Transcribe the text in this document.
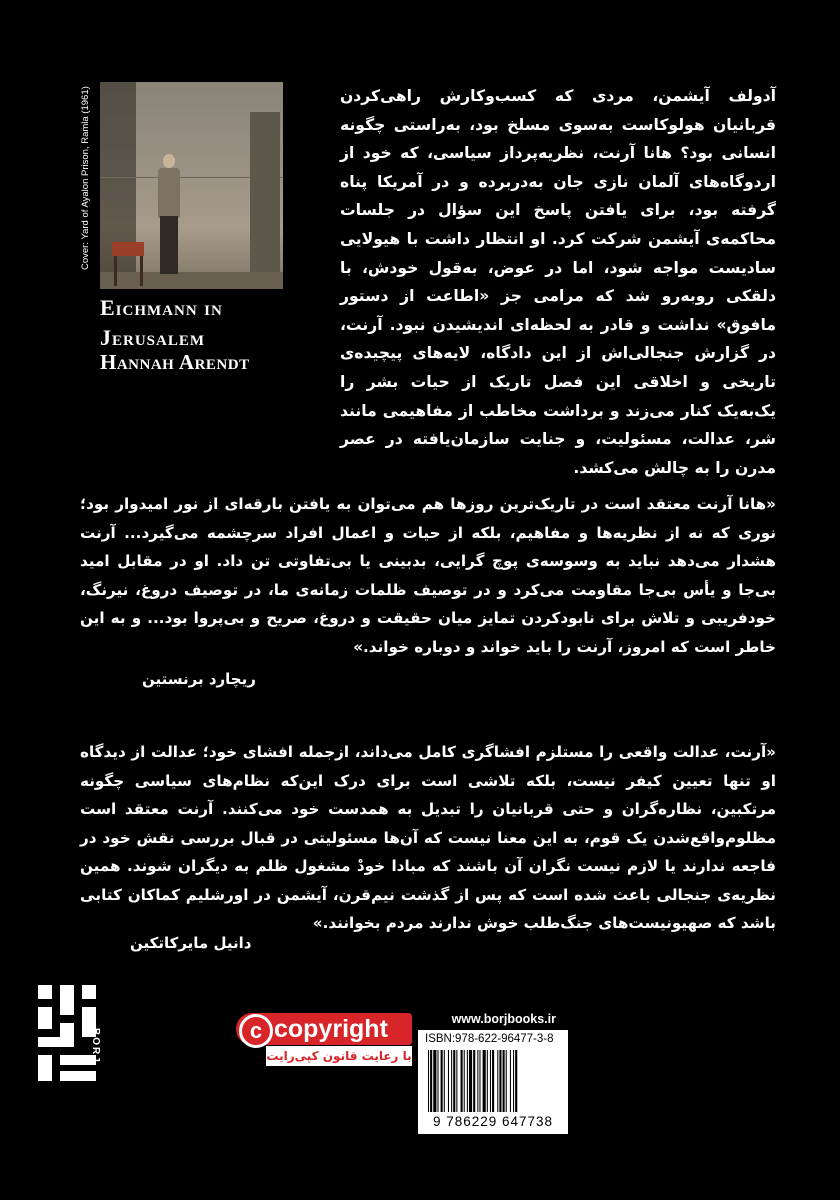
Cover: Yard of Ayalon Prison, Ramla (1961)
Eichmann in
Jerusalem
Hannah Arendt
آدولف آیشمن، مردی که کسب‌وکارش راهی‌کردن قربانیان هولوکاست به‌سوی مسلخ بود، به‌راستی چگونه انسانی بود؟ هانا آرنت، نظریه‌پرداز سیاسی، که خود از اردوگاه‌های آلمان نازی جان به‌دربرده و در آمریکا پناه گرفته بود، برای یافتن پاسخ این سؤال در جلسات محاکمه‌ی آیشمن شرکت کرد. او انتظار داشت با هیولایی سادیست مواجه شود، اما در عوض، به‌قول خودش، با دلقکی روبه‌رو شد که مرامی جز «اطاعت از دستور مافوق» نداشت و قادر به لحظه‌ای اندیشیدن نبود. آرنت، در گزارش جنجالی‌اش از این دادگاه، لایه‌های پیچیده‌ی تاریخی و اخلاقی این فصل تاریک از حیات بشر را یک‌به‌یک کنار می‌زند و برداشت مخاطب از مفاهیمی مانند شر، عدالت، مسئولیت، و جنایت سازمان‌یافته در عصر مدرن را به چالش می‌کشد.
«هانا آرنت معتقد است در تاریک‌ترین روزها هم می‌توان به یافتن بارقه‌ای از نور امیدوار بود؛ نوری که نه از نظریه‌ها و مفاهیم، بلکه از حیات و اعمال افراد سرچشمه می‌گیرد... آرنت هشدار می‌دهد نباید به وسوسه‌ی پوچ گرایی، بدبینی یا بی‌تفاوتی تن داد. او در مقابل امید بی‌جا و یأس بی‌جا مقاومت می‌کرد و در توصیف ظلمات زمانه‌ی ما، در توصیف دروغ، نیرنگ، خودفریبی و تلاش برای نابودکردن تمایز میان حقیقت و دروغ، صریح و بی‌پروا بود... و به این خاطر است که امروز، آرنت را باید خواند و دوباره خواند.»
ریچارد برنستین
«آرنت، عدالت واقعی را مستلزم افشاگری کامل می‌داند، ازجمله افشای خود؛ عدالت از دیدگاه او تنها تعیین کیفر نیست، بلکه تلاشی است برای درک این‌که نظام‌های سیاسی چگونه مرتکبین، نظاره‌گران و حتی قربانیان را تبدیل به همدست خود می‌کنند. آرنت معتقد است مظلوم‌واقع‌شدن یک قوم، به این معنا نیست که آن‌ها مسئولیتی در قبال بررسی نقش خود در فاجعه ندارند یا لازم نیست نگران آن باشند که مبادا خودْ مشغول ظلم به دیگران شوند. همین نظریه‌ی جنجالی باعث شده است که پس از گذشت نیم‌قرن، آیشمن در اورشلیم کماکان کتابی باشد که صهیونیست‌های جنگ‌طلب خوش ندارند مردم بخوانند.»
دانیل مایرکاتکین
BORJ	c copyright
با رعایت قانون کپی‌رایت
www.borjbooks.ir
ISBN:978-622-96477-3-8
9 786229 647738
